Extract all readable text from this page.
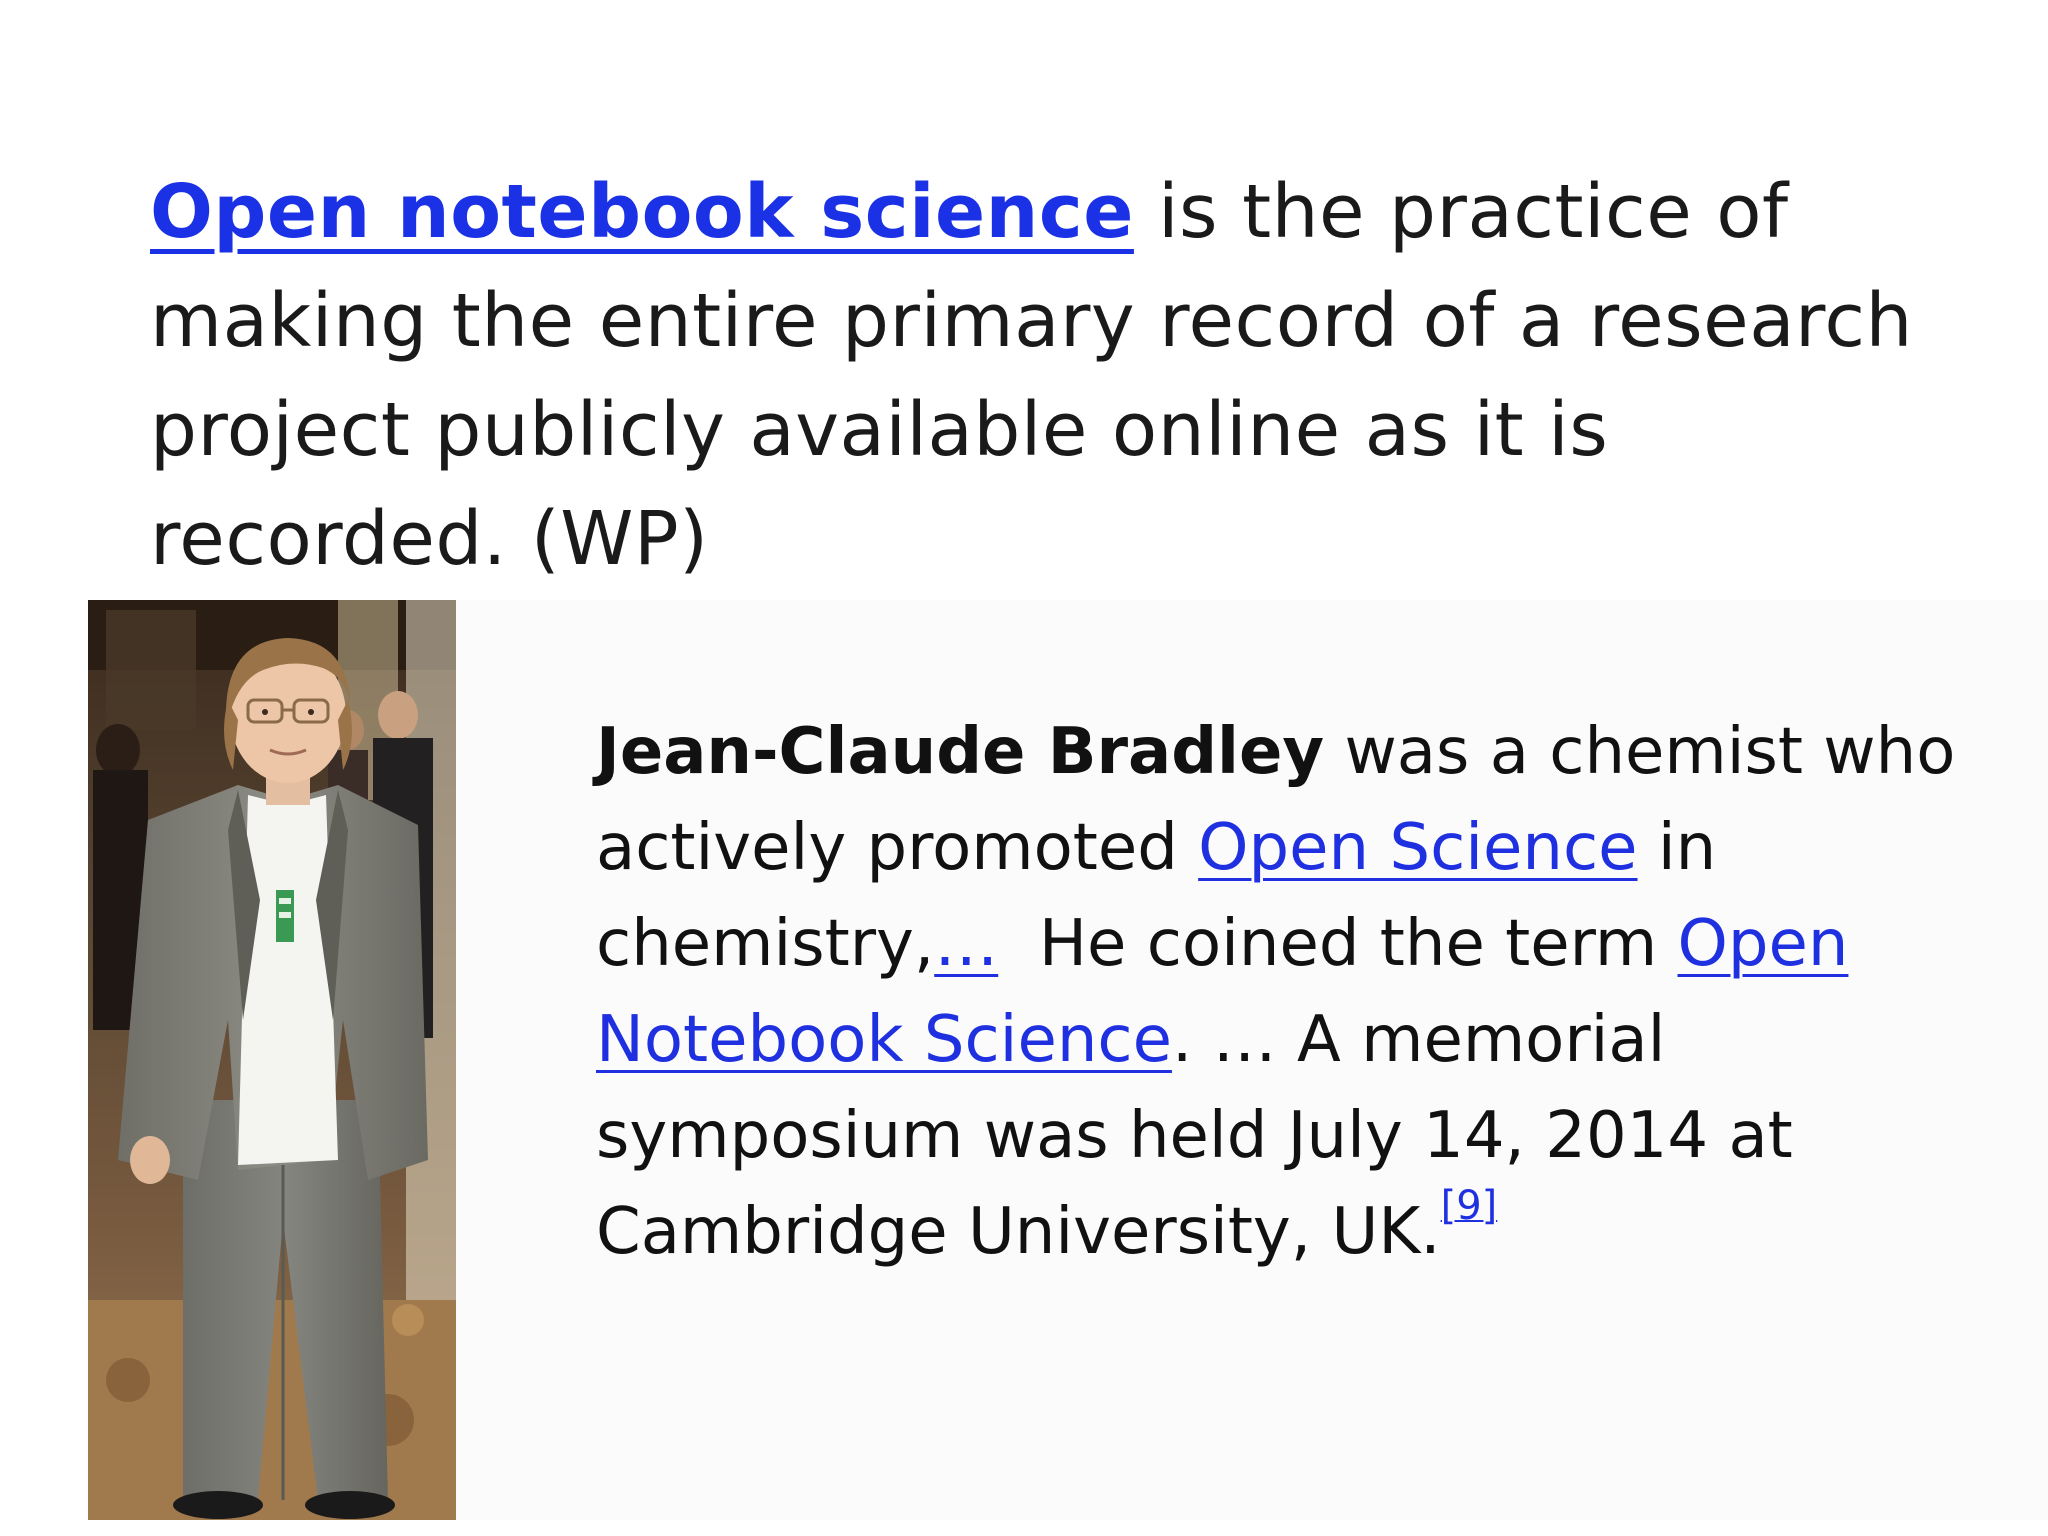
Open notebook science is the practice of making the entire primary record of a research project publicly available online as it is recorded. (WP)

Jean-Claude Bradley was a chemist who actively promoted Open Science in chemistry,…  He coined the term Open Notebook Science. … A memorial symposium was held July 14, 2014 at Cambridge University, UK.[9]
